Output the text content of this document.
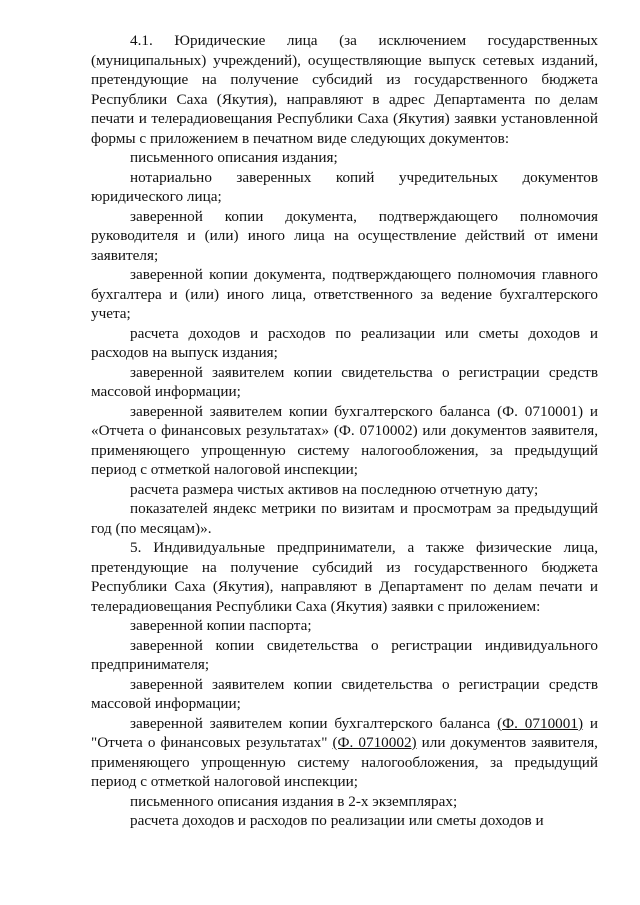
4.1. Юридические лица (за исключением государственных (муниципальных) учреждений), осуществляющие выпуск сетевых изданий, претендующие на получение субсидий из государственного бюджета Республики Саха (Якутия), направляют в адрес Департамента по делам печати и телерадиовещания Республики Саха (Якутия) заявки установленной формы с приложением в печатном виде следующих документов:

письменного описания издания;

нотариально заверенных копий учредительных документов юридического лица;

заверенной копии документа, подтверждающего полномочия руководителя и (или) иного лица на осуществление действий от имени заявителя;

заверенной копии документа, подтверждающего полномочия главного бухгалтера и (или) иного лица, ответственного за ведение бухгалтерского учета;

расчета доходов и расходов по реализации или сметы доходов и расходов на выпуск издания;

заверенной заявителем копии свидетельства о регистрации средств массовой информации;

заверенной заявителем копии бухгалтерского баланса (Ф. 0710001) и «Отчета о финансовых результатах» (Ф. 0710002) или документов заявителя, применяющего упрощенную систему налогообложения, за предыдущий период с отметкой налоговой инспекции;

расчета размера чистых активов на последнюю отчетную дату;

показателей яндекс метрики по визитам и просмотрам за предыдущий год (по месяцам)».

5. Индивидуальные предприниматели, а также физические лица, претендующие на получение субсидий из государственного бюджета Республики Саха (Якутия), направляют в Департамент по делам печати и телерадиовещания Республики Саха (Якутия) заявки с приложением:

заверенной копии паспорта;

заверенной копии свидетельства о регистрации индивидуального предпринимателя;

заверенной заявителем копии свидетельства о регистрации средств массовой информации;

заверенной заявителем копии бухгалтерского баланса (Ф. 0710001) и "Отчета о финансовых результатах" (Ф. 0710002) или документов заявителя, применяющего упрощенную систему налогообложения, за предыдущий период с отметкой налоговой инспекции;

письменного описания издания в 2-х экземплярах;

расчета доходов и расходов по реализации или сметы доходов и
